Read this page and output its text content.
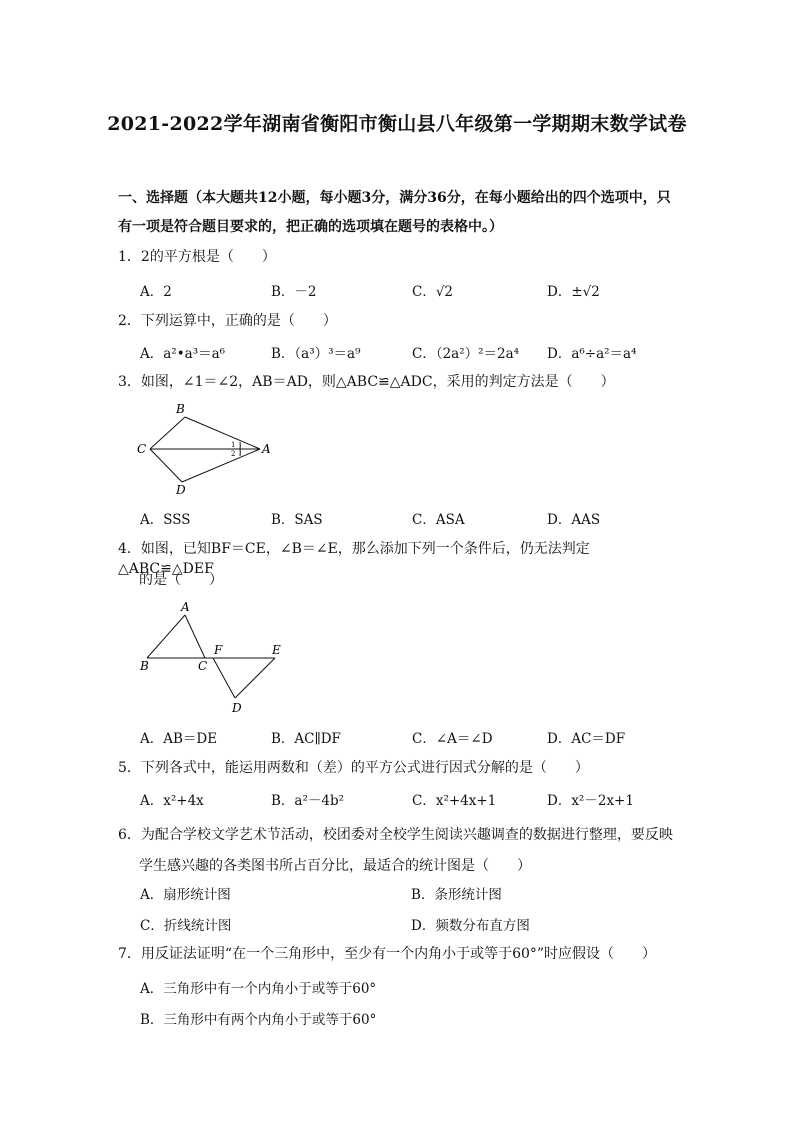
2021-2022学年湖南省衡阳市衡山县八年级第一学期期末数学试卷
一、选择题（本大题共12小题，每小题3分，满分36分，在每小题给出的四个选项中，只有一项是符合题目要求的，把正确的选项填在题号的表格中。）
1．2的平方根是（　　）
A．2	B．－2	C．√2	D．±√2
2．下列运算中，正确的是（　　）
A．a²•a³＝a⁶	B．（a³）³＝a⁹	C．（2a²）²＝2a⁴ D．a⁶÷a²＝a⁴
3．如图，∠1＝∠2，AB＝AD，则△ABC≌△ADC，采用的判定方法是（　　）
B
C	A
D
1
2
A．SSS	B．SAS	C．ASA	D．AAS
4．如图，已知BF＝CE，∠B＝∠E，那么添加下列一个条件后，仍无法判定△ABC≌△DEF
的是（　　）
A
B	C
F	E
D
A．AB＝DE	B．AC∥DF	C．∠A＝∠D	D．AC＝DF
5．下列各式中，能运用两数和（差）的平方公式进行因式分解的是（　　）
A．x²+4x	B．a²－4b²	C．x²+4x+1	D．x²－2x+1
6．为配合学校文学艺术节活动，校团委对全校学生阅读兴趣调查的数据进行整理，要反映学生感兴趣的各类图书所占百分比，最适合的统计图是（　　）
A．扇形统计图	B．条形统计图
C．折线统计图	D．频数分布直方图
7．用反证法证明“在一个三角形中，至少有一个内角小于或等于60°”时应假设（　　）
A．三角形中有一个内角小于或等于60°
B．三角形中有两个内角小于或等于60°
